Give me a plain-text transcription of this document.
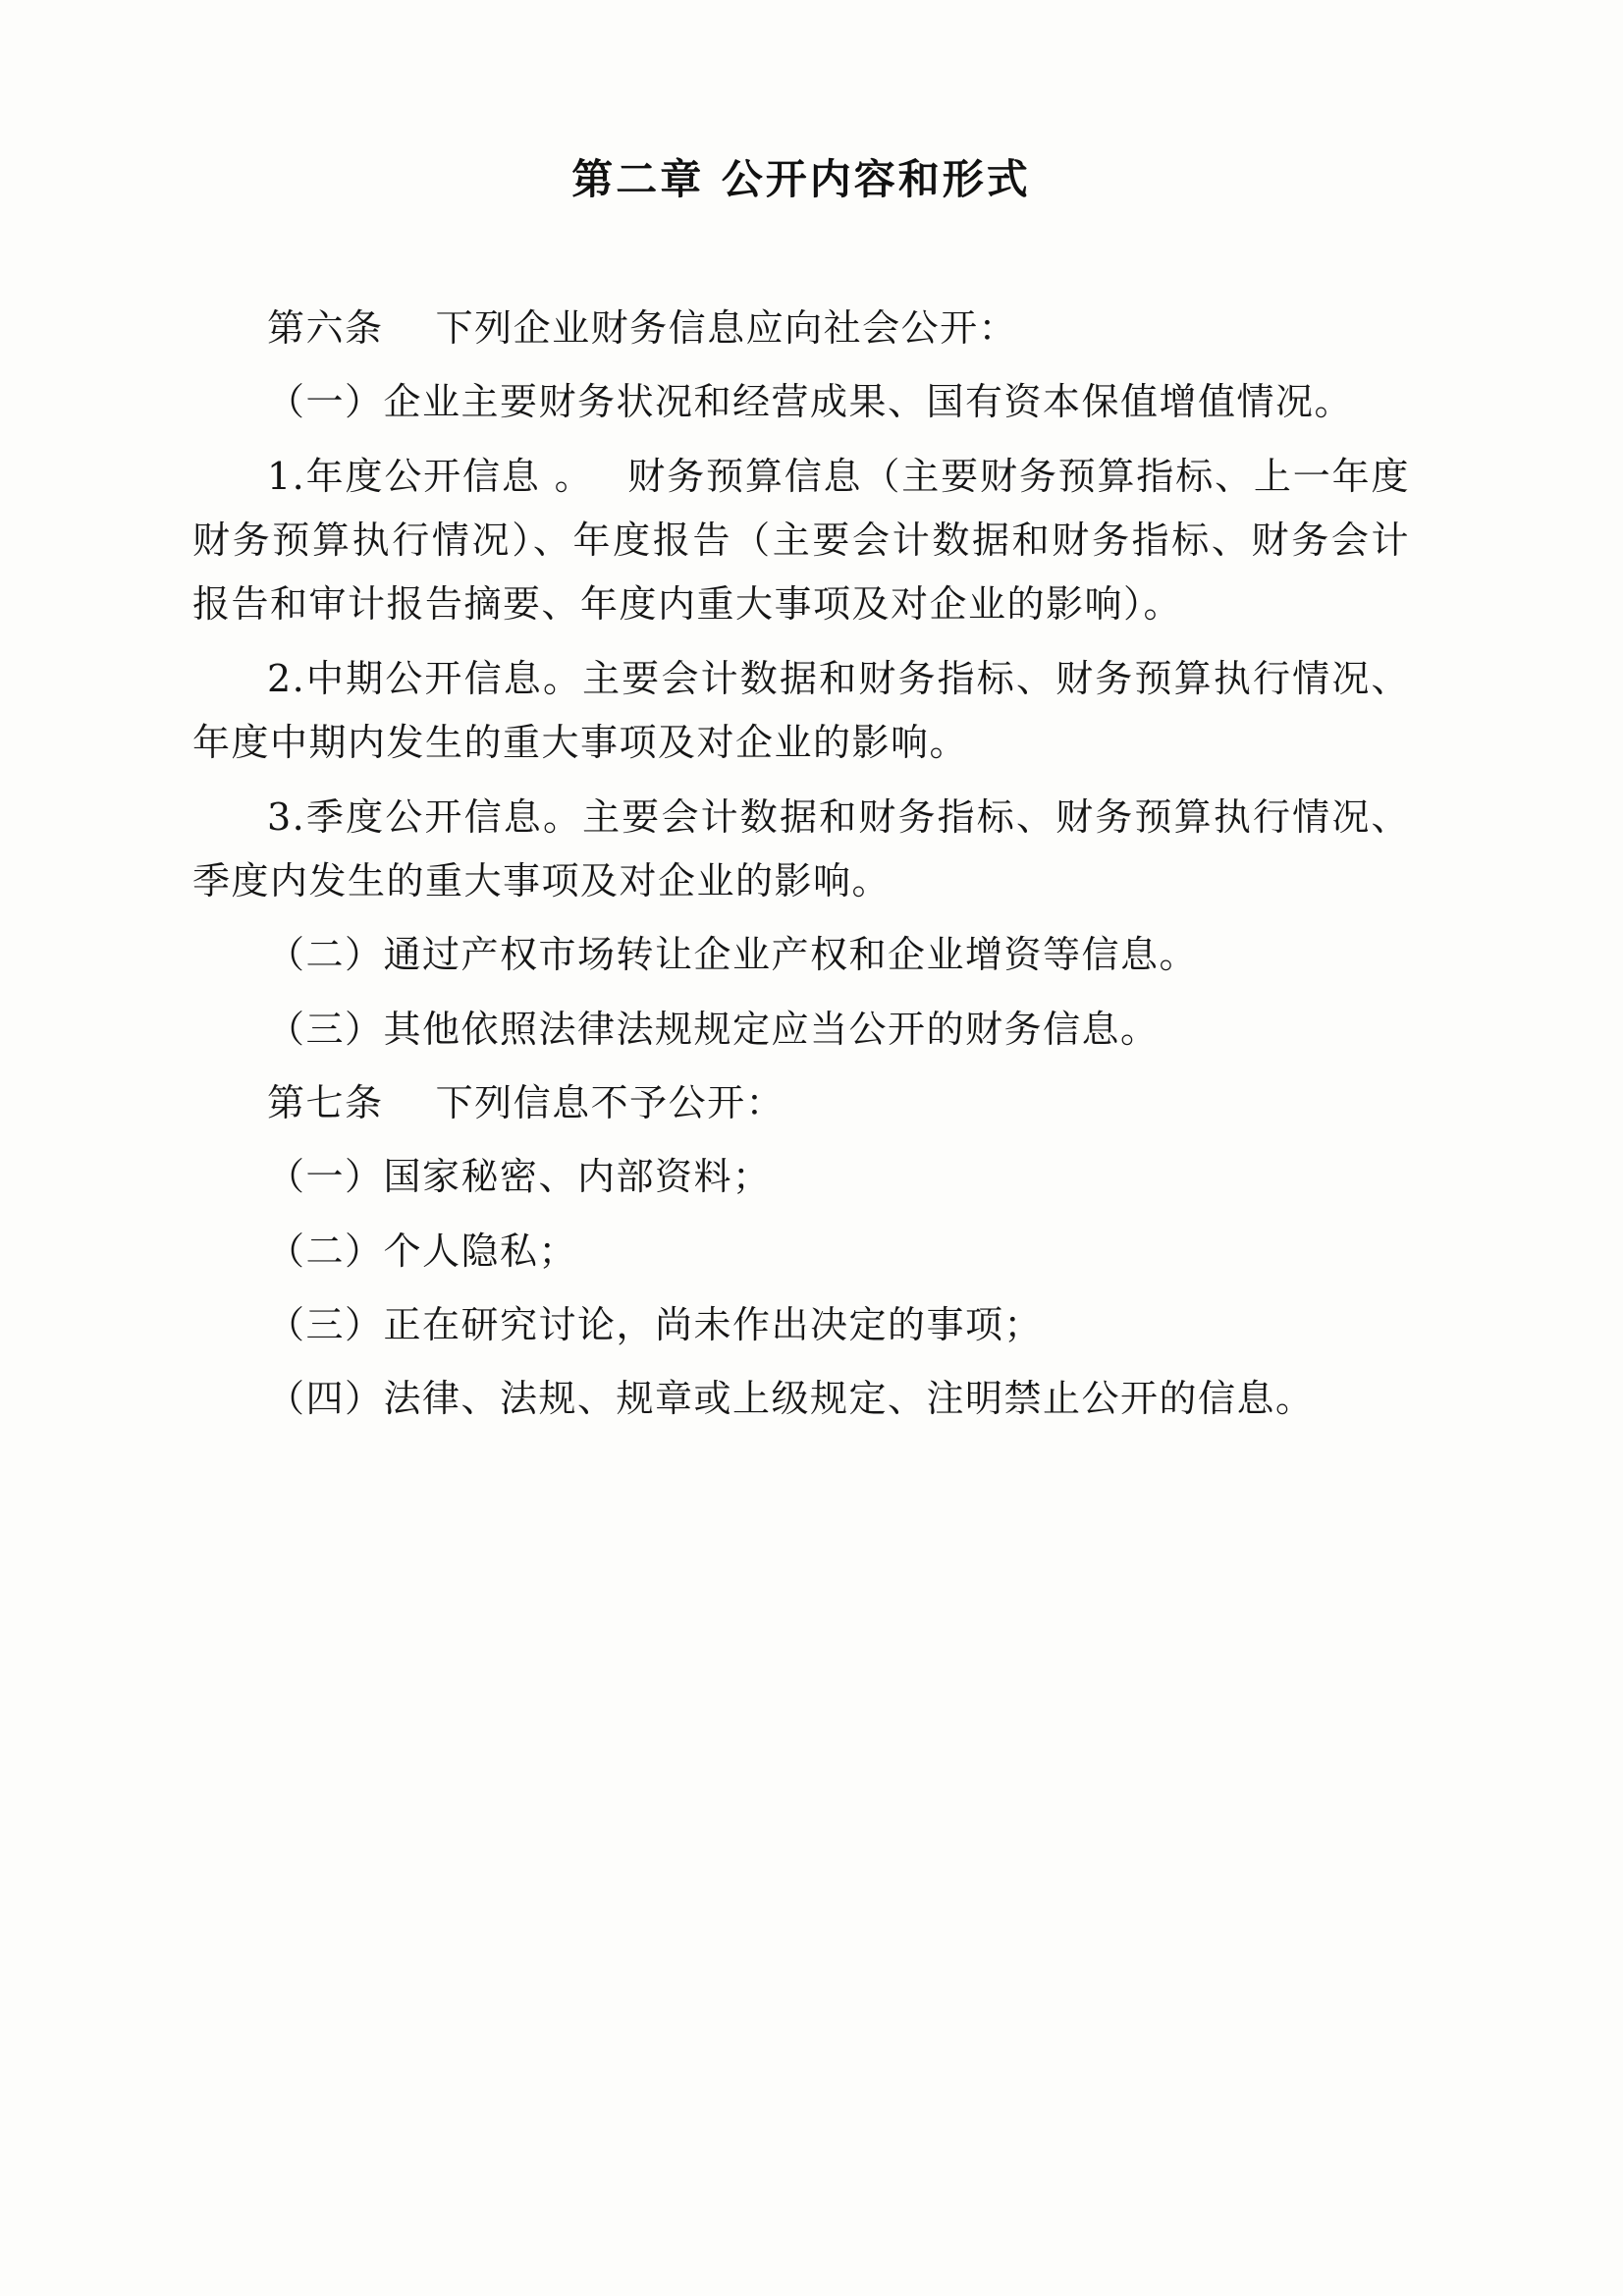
第二章 公开内容和形式

第六条　 下列企业财务信息应向社会公开：

（一）企业主要财务状况和经营成果、国有资本保值增值情况。

1.年度公开信息 。　 财务预算信息（主要财务预算指标、上一年度财务预算执行情况）、年度报告（主要会计数据和财务指标、财务会计报告和审计报告摘要、年度内重大事项及对企业的影响）。

2.中期公开信息。主要会计数据和财务指标、财务预算执行情况、年度中期内发生的重大事项及对企业的影响。

3.季度公开信息。主要会计数据和财务指标、财务预算执行情况、季度内发生的重大事项及对企业的影响。

（二）通过产权市场转让企业产权和企业增资等信息。

（三）其他依照法律法规规定应当公开的财务信息。

第七条　 下列信息不予公开：

（一）国家秘密、内部资料；

（二）个人隐私；

（三）正在研究讨论，尚未作出决定的事项；

（四）法律、法规、规章或上级规定、注明禁止公开的信息。
